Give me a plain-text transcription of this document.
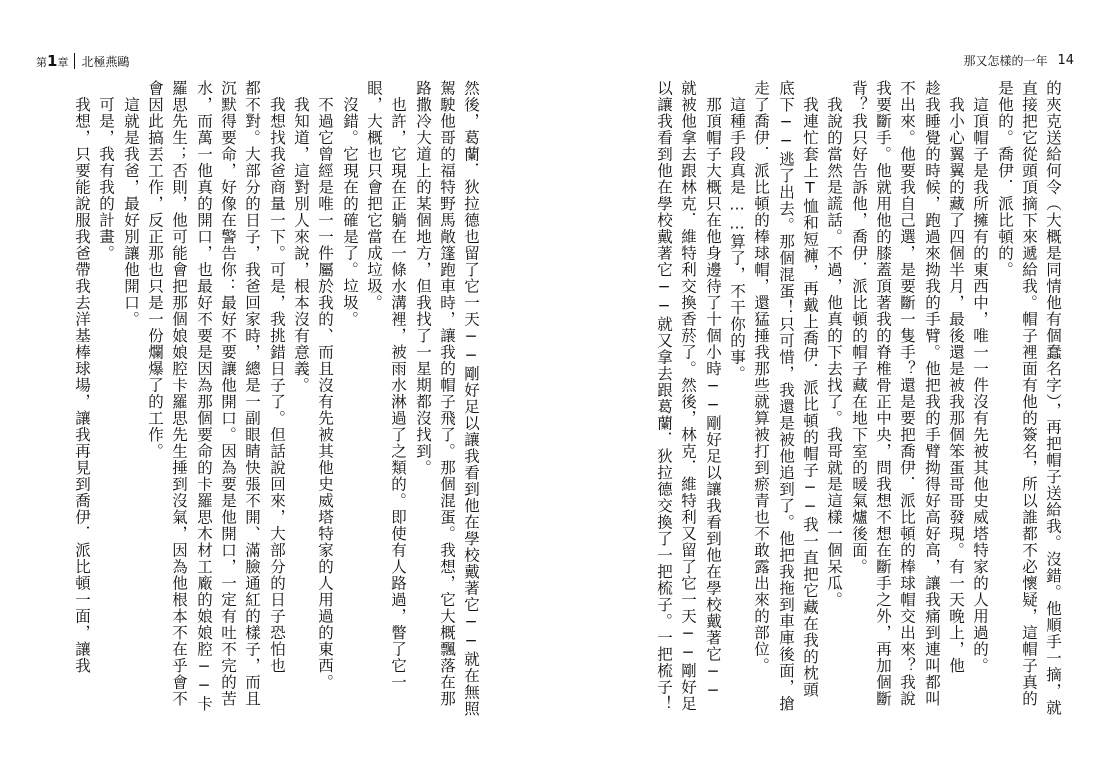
第1章 北極燕鷗	那又怎樣的一年 14
的夾克送給何令（大概是同情他有個蠢名字），再把帽子送給我。沒錯。他順手一摘，就
直接把它從頭頂摘下來遞給我。帽子裡面有他的簽名，所以誰都不必懷疑，這帽子真的
是他的。喬伊．派比頓的。
　這頂帽子是我所擁有的東西中，唯一一件沒有先被其他史威塔特家的人用過的。
　我小心翼翼的藏了四個半月，最後還是被我那個笨蛋哥哥發現。有一天晚上，他
趁我睡覺的時候，跑過來拗我的手臂。他把我的手臂拗得好高好高，讓我痛到連叫都叫
不出來。他要我自己選，是要斷一隻手？還是要把喬伊．派比頓的棒球帽交出來？我說
我要斷手。他就用他的膝蓋頂著我的脊椎骨正中央，問我想不想在斷手之外，再加個斷
背？我只好告訴他，喬伊．派比頓的帽子藏在地下室的暖氣爐後面。
　我說的當然是謊話。不過，他真的下去找了。我哥就是這樣一個呆瓜。
　我連忙套上T恤和短褲，再戴上喬伊．派比頓的帽子──我一直把它藏在我的枕頭
底下──逃了出去。那個混蛋！只可惜，我還是被他追到了。他把我拖到車庫後面，搶
走了喬伊．派比頓的棒球帽，還猛捶我那些就算被打到瘀青也不敢露出來的部位。
　這種手段真是……算了，不干你的事。
　那頂帽子大概只在他身邊待了十個小時──剛好足以讓我看到他在學校戴著它──
就被他拿去跟林克．維特利交換香菸了。然後，林克．維特利又留了它一天──剛好足
以讓我看到他在學校戴著它──就又拿去跟葛蘭．狄拉德交換了一把梳子。一把梳子！
然後，葛蘭．狄拉德也留了它一天──剛好足以讓我看到他在學校戴著它──就在無照
駕駛他哥的福特野馬敞篷跑車時，讓我的帽子飛了。那個混蛋。我想，它大概飄落在那
路撒冷大道上的某個地方，但我找了一星期都沒找到。
　也許，它現在正躺在一條水溝裡，被雨水淋過了之類的。即使有人路過，瞥了它一
眼，大概也只會把它當成垃圾。
　沒錯。它現在的確是了。垃圾。
　不過它曾經是唯一一件屬於我的、而且沒有先被其他史威塔特家的人用過的東西。
　我知道，這對別人來說，根本沒有意義。
　我想找我爸商量一下。可是，我挑錯日子了。但話說回來，大部分的日子恐怕也
都不對。大部分的日子，我爸回家時，總是一副眼睛快張不開、滿臉通紅的樣子，而且
沉默得要命，好像在警告你：最好不要讓他開口。因為要是他開口，一定有吐不完的苦
水，而萬一他真的開口，也最好不要是因為那個要命的卡羅思木材工廠的娘娘腔──卡
羅思先生；否則，他可能會把那個娘娘腔卡羅思先生捶到沒氣，因為他根本不在乎會不
會因此搞丟工作，反正那也只是一份爛爆了的工作。
　這就是我爸，最好別讓他開口。
　可是，我有我的計畫。
　我想，只要能說服我爸帶我去洋基棒球場，讓我再見到喬伊．派比頓一面，讓我
